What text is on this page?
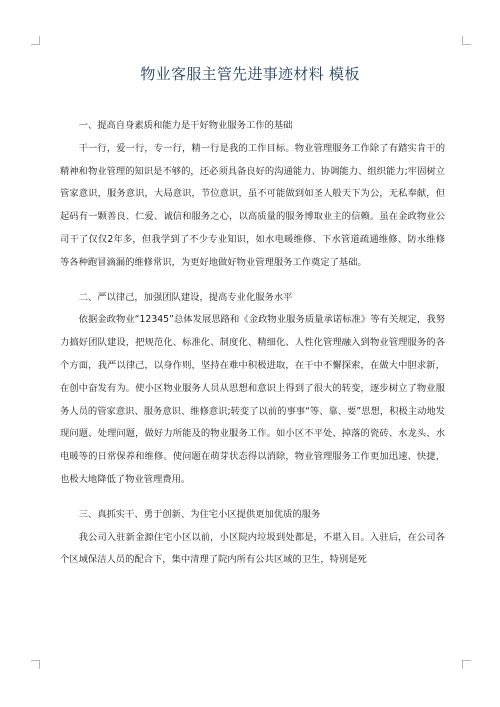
物业客服主管先进事迹材料 模板

一、提高自身素质和能力是干好物业服务工作的基础

干一行，爱一行，专一行，精一行是我的工作目标。物业管理服务工作除了有踏实肯干的精神和物业管理的知识是不够的，还必须具备良好的沟通能力、协调能力、组织能力;牢固树立管家意识，服务意识，大局意识，节位意识，虽不可能做到如圣人般天下为公，无私奉献，但起码有一颗善良、仁爱、诚信和服务之心，以高质量的服务博取业主的信赖。虽在金政物业公司干了仅仅2年多，但我学到了不少专业知识，如水电暖维修、下水管道疏通维修、防水维修等各种跑冒滴漏的维修常识，为更好地做好物业管理服务工作奠定了基础。

二、严以律己，加强团队建设，提高专业化服务水平

依据金政物业“12345”总体发展思路和《金政物业服务质量承诺标准》等有关规定，我努力搞好团队建设，把规范化、标准化、制度化、精细化、人性化管理融入到物业管理服务的各个方面，我严以律己，以身作则，坚持在难中积极进取，在干中不懈探索，在做大中胆求新，在创中奋发有为。使小区物业服务人员从思想和意识上得到了很大的转变，逐步树立了物业服务人员的管家意识、服务意识、维修意识;转变了以前的事事“等、靠、要”思想，积极主动地发现问题、处理问题，做好力所能及的物业服务工作。如小区不平处、掉落的瓷砖、水龙头、水电暖等的日常保养和维修。使问题在萌芽状态得以消除，物业管理服务工作更加迅速、快捷，也极大地降低了物业管理费用。

三、真抓实干、勇于创新、为住宅小区提供更加优质的服务

我公司入驻新金源住宅小区以前，小区院内垃圾到处都是，不堪入目。入驻后，在公司各个区域保洁人员的配合下，集中清理了院内所有公共区域的卫生，特别是死
